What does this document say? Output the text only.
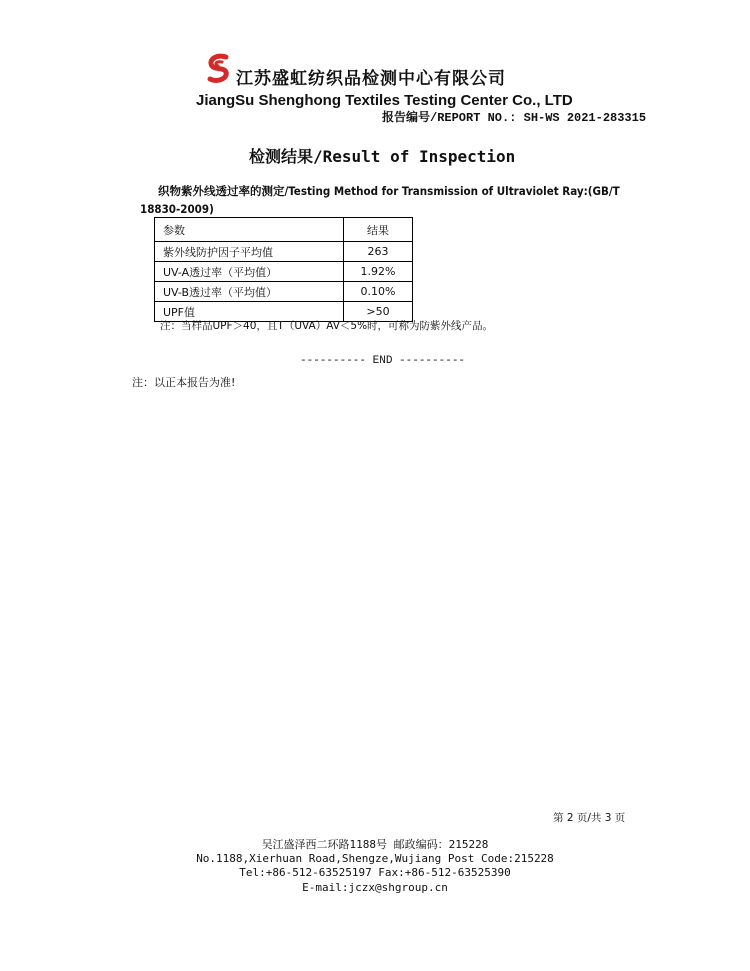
江苏盛虹纺织品检测中心有限公司
JiangSu Shenghong Textiles Testing Center Co., LTD
报告编号/REPORT NO.: SH-WS 2021-283315
检测结果/Result of Inspection
织物紫外线透过率的测定/Testing Method for Transmission of Ultraviolet Ray:(GB/T
18830-2009)
参数	结果
紫外线防护因子平均值	263
UV-A透过率（平均值）	1.92%
UV-B透过率（平均值）	0.10%
UPF值	>50
注：当样品UPF＞40，且T（UVA）AV＜5%时，可称为防紫外线产品。
---------- END ----------
注：以正本报告为准!
第 2 页/共 3 页
吴江盛泽西二环路1188号 邮政编码：215228
No.1188,Xierhuan Road,Shengze,Wujiang Post Code:215228
Tel:+86-512-63525197 Fax:+86-512-63525390
E-mail:jczx@shgroup.cn
